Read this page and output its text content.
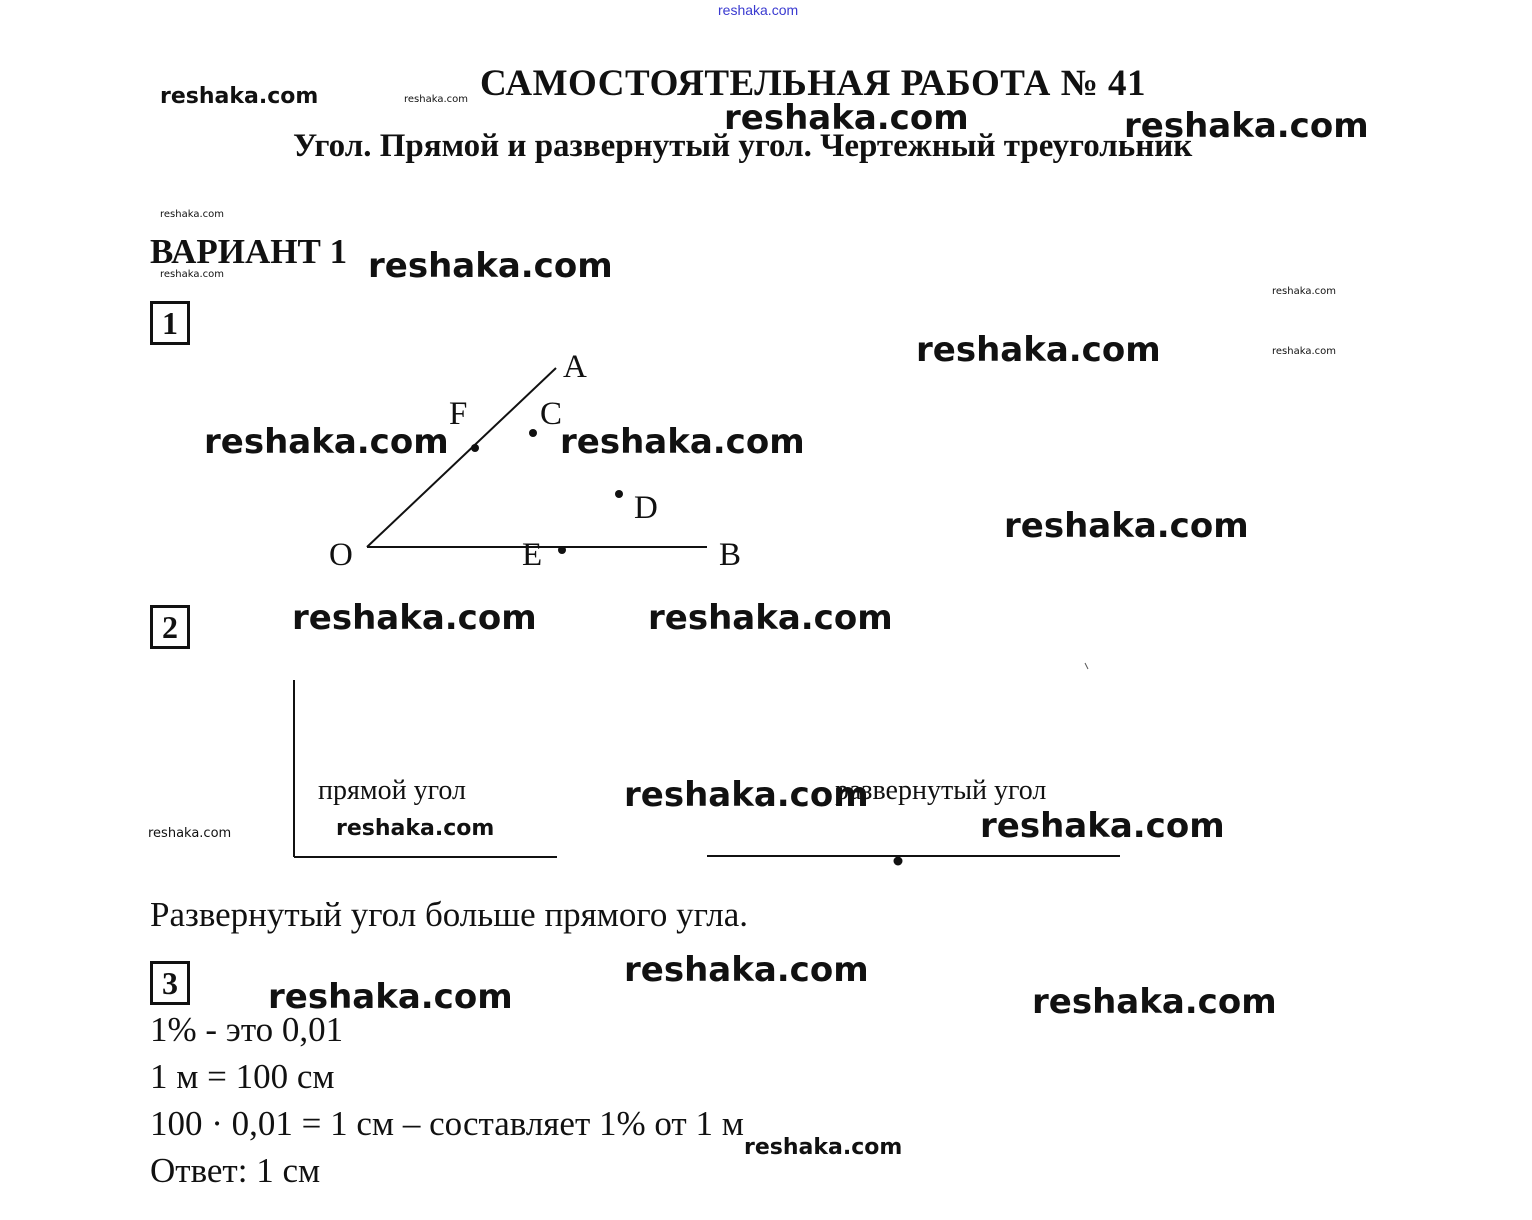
reshaka.com
САМОСТОЯТЕЛЬНАЯ РАБОТА № 41
Угол. Прямой и развернутый угол. Чертежный треугольник
ВАРИАНТ 1
1
A
F C
D
O	E	B
2
прямой угол	развернутый угол
Развернутый угол больше прямого угла.
3
1% - это 0,01
1 м = 100 см
100 · 0,01 = 1 см – составляет 1% от 1 м
Ответ: 1 см
reshaka.com	reshaka.com	reshaka.com	reshaka.com
reshaka.com
reshaka.com	reshaka.com
reshaka.com
reshaka.com
reshaka.com
reshaka.com	reshaka.com
reshaka.com
reshaka.com	reshaka.com
reshaka.com
reshaka.com
reshaka.com
reshaka.com
reshaka.com
reshaka.com	reshaka.com
reshaka.com
